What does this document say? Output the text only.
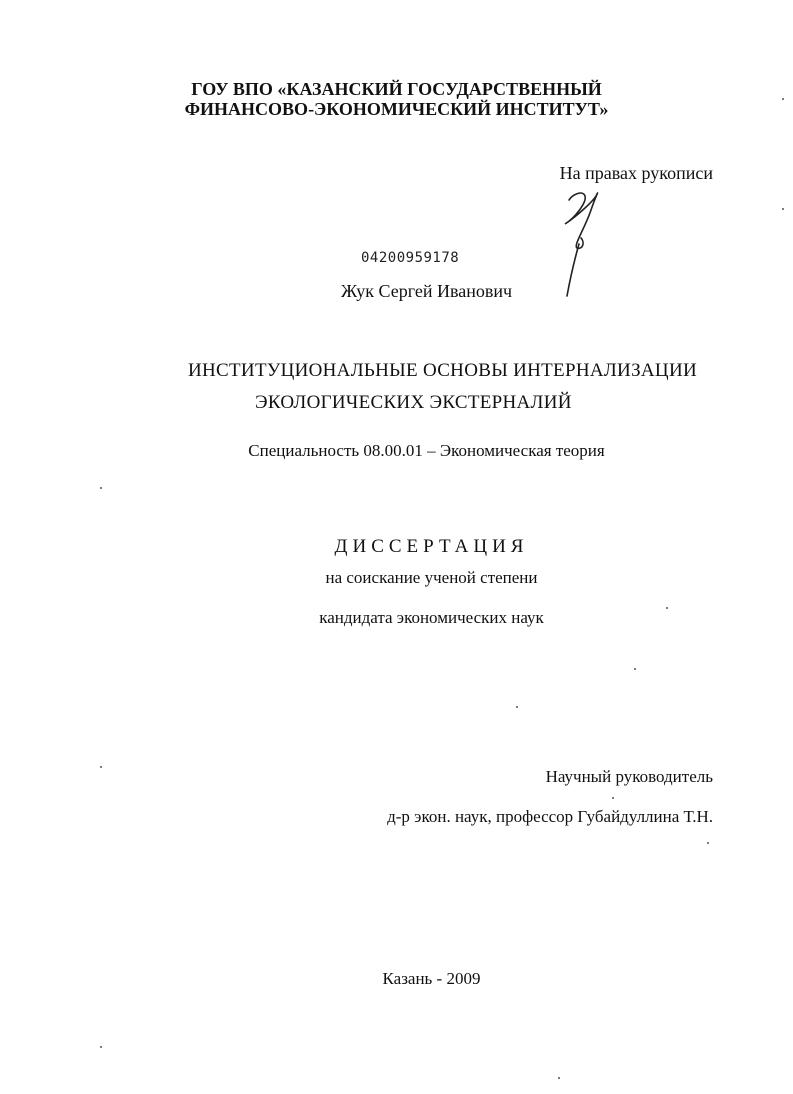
ГОУ ВПО «КАЗАНСКИЙ ГОСУДАРСТВЕННЫЙ
ФИНАНСОВО-ЭКОНОМИЧЕСКИЙ ИНСТИТУТ»
На правах рукописи
04200959178
Жук Сергей Иванович
ИНСТИТУЦИОНАЛЬНЫЕ ОСНОВЫ ИНТЕРНАЛИЗАЦИИ
ЭКОЛОГИЧЕСКИХ ЭКСТЕРНАЛИЙ
Специальность 08.00.01 – Экономическая теория
ДИССЕРТАЦИЯ
на соискание ученой степени
кандидата экономических наук
Научный руководитель
д-р экон. наук, профессор Губайдуллина Т.Н.
Казань - 2009
